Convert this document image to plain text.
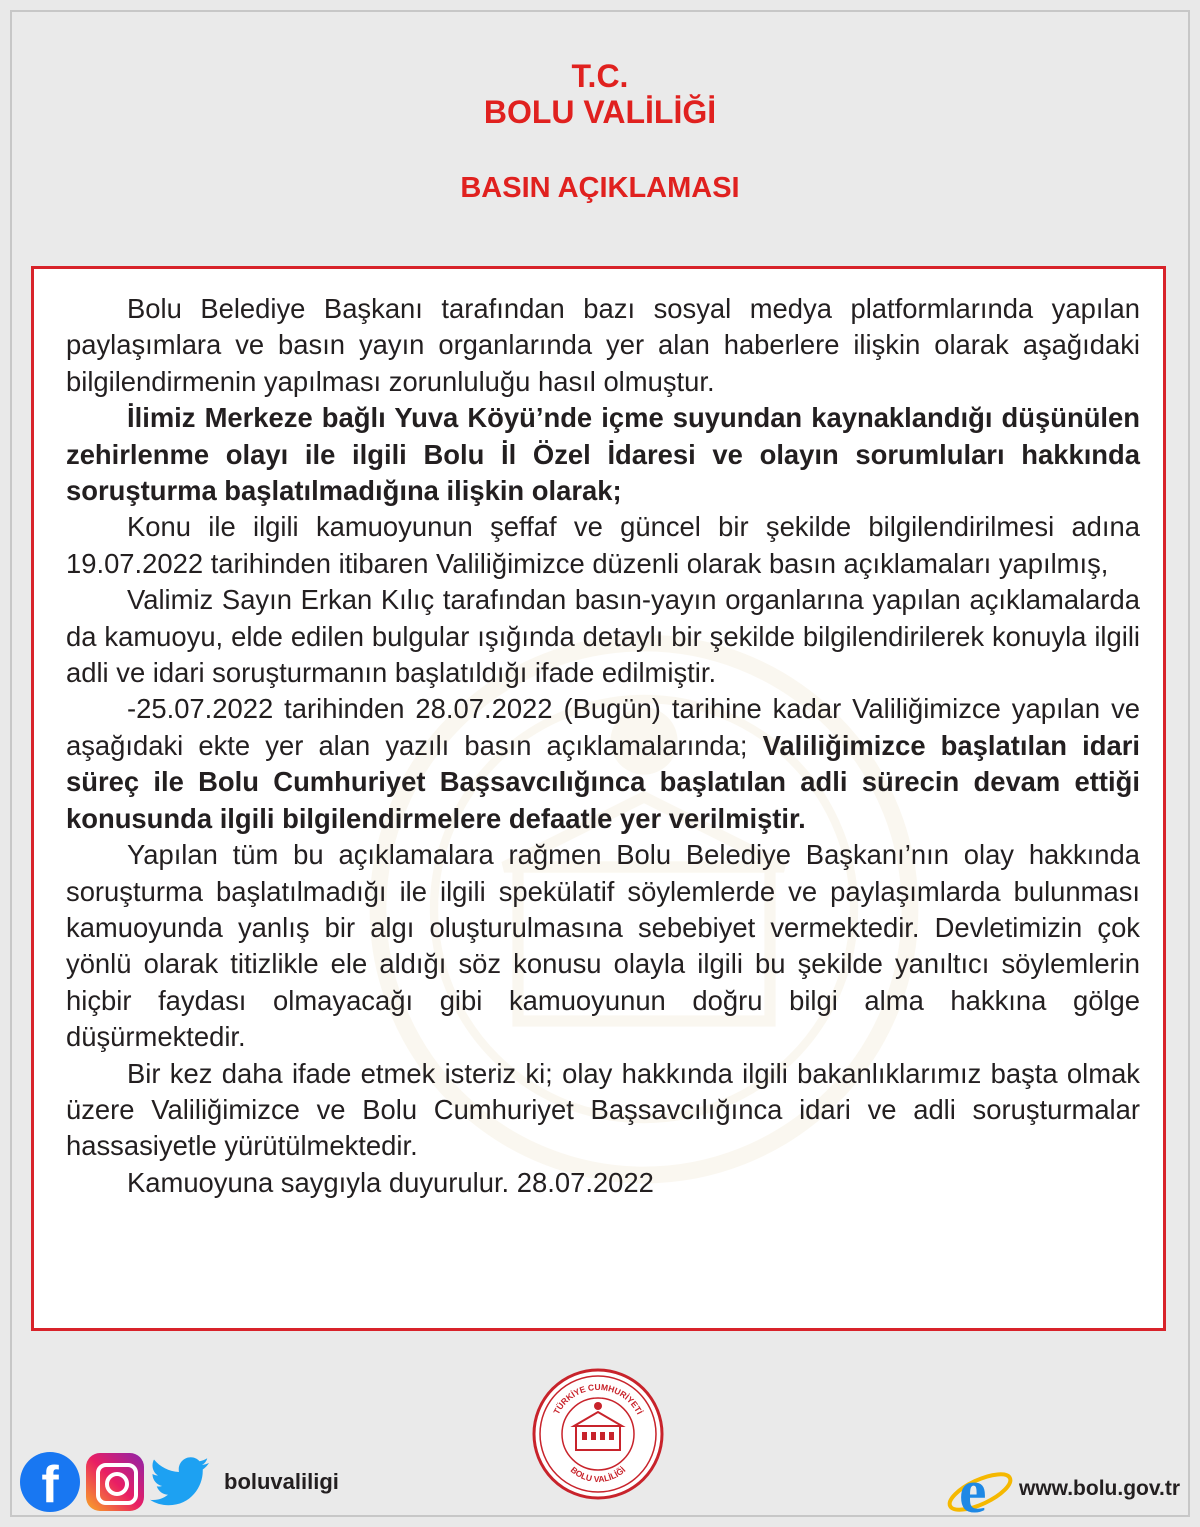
T.C.
BOLU VALİLİĞİ
BASIN AÇIKLAMASI

Bolu Belediye Başkanı tarafından bazı sosyal medya platformlarında yapılan paylaşımlara ve basın yayın organlarında yer alan haberlere ilişkin olarak aşağıdaki bilgilendirmenin yapılması zorunluluğu hasıl olmuştur.

İlimiz Merkeze bağlı Yuva Köyü’nde içme suyundan kaynaklandığı düşünülen zehirlenme olayı ile ilgili Bolu İl Özel İdaresi ve olayın sorumluları hakkında soruşturma başlatılmadığına ilişkin olarak;

Konu ile ilgili kamuoyunun şeffaf ve güncel bir şekilde bilgilendirilmesi adına 19.07.2022 tarihinden itibaren Valiliğimizce düzenli olarak basın açıklamaları yapılmış,

Valimiz Sayın Erkan Kılıç tarafından basın-yayın organlarına yapılan açıklamalarda da kamuoyu, elde edilen bulgular ışığında detaylı bir şekilde bilgilendirilerek konuyla ilgili adli ve idari soruşturmanın başlatıldığı ifade edilmiştir.

-25.07.2022 tarihinden 28.07.2022 (Bugün) tarihine kadar Valiliğimizce yapılan ve aşağıdaki ekte yer alan yazılı basın açıklamalarında; Valiliğimizce başlatılan idari süreç ile Bolu Cumhuriyet Başsavcılığınca başlatılan adli sürecin devam ettiği konusunda ilgili bilgilendirmelere defaatle yer verilmiştir.

Yapılan tüm bu açıklamalara rağmen Bolu Belediye Başkanı’nın olay hakkında soruşturma başlatılmadığı ile ilgili spekülatif söylemlerde ve paylaşımlarda bulunması kamuoyunda yanlış bir algı oluşturulmasına sebebiyet vermektedir. Devletimizin çok yönlü olarak titizlikle ele aldığı söz konusu olayla ilgili bu şekilde yanıltıcı söylemlerin hiçbir faydası olmayacağı gibi kamuoyunun doğru bilgi alma hakkına gölge düşürmektedir.

Bir kez daha ifade etmek isteriz ki; olay hakkında ilgili bakanlıklarımız başta olmak üzere Valiliğimizce ve Bolu Cumhuriyet Başsavcılığınca idari ve adli soruşturmalar hassasiyetle yürütülmektedir.

Kamuoyuna saygıyla duyurulur. 28.07.2022

TÜRKİYE CUMHURİYETİ
BOLU VALİLİĞİ
f	boluvaliligi	e www.bolu.gov.tr
